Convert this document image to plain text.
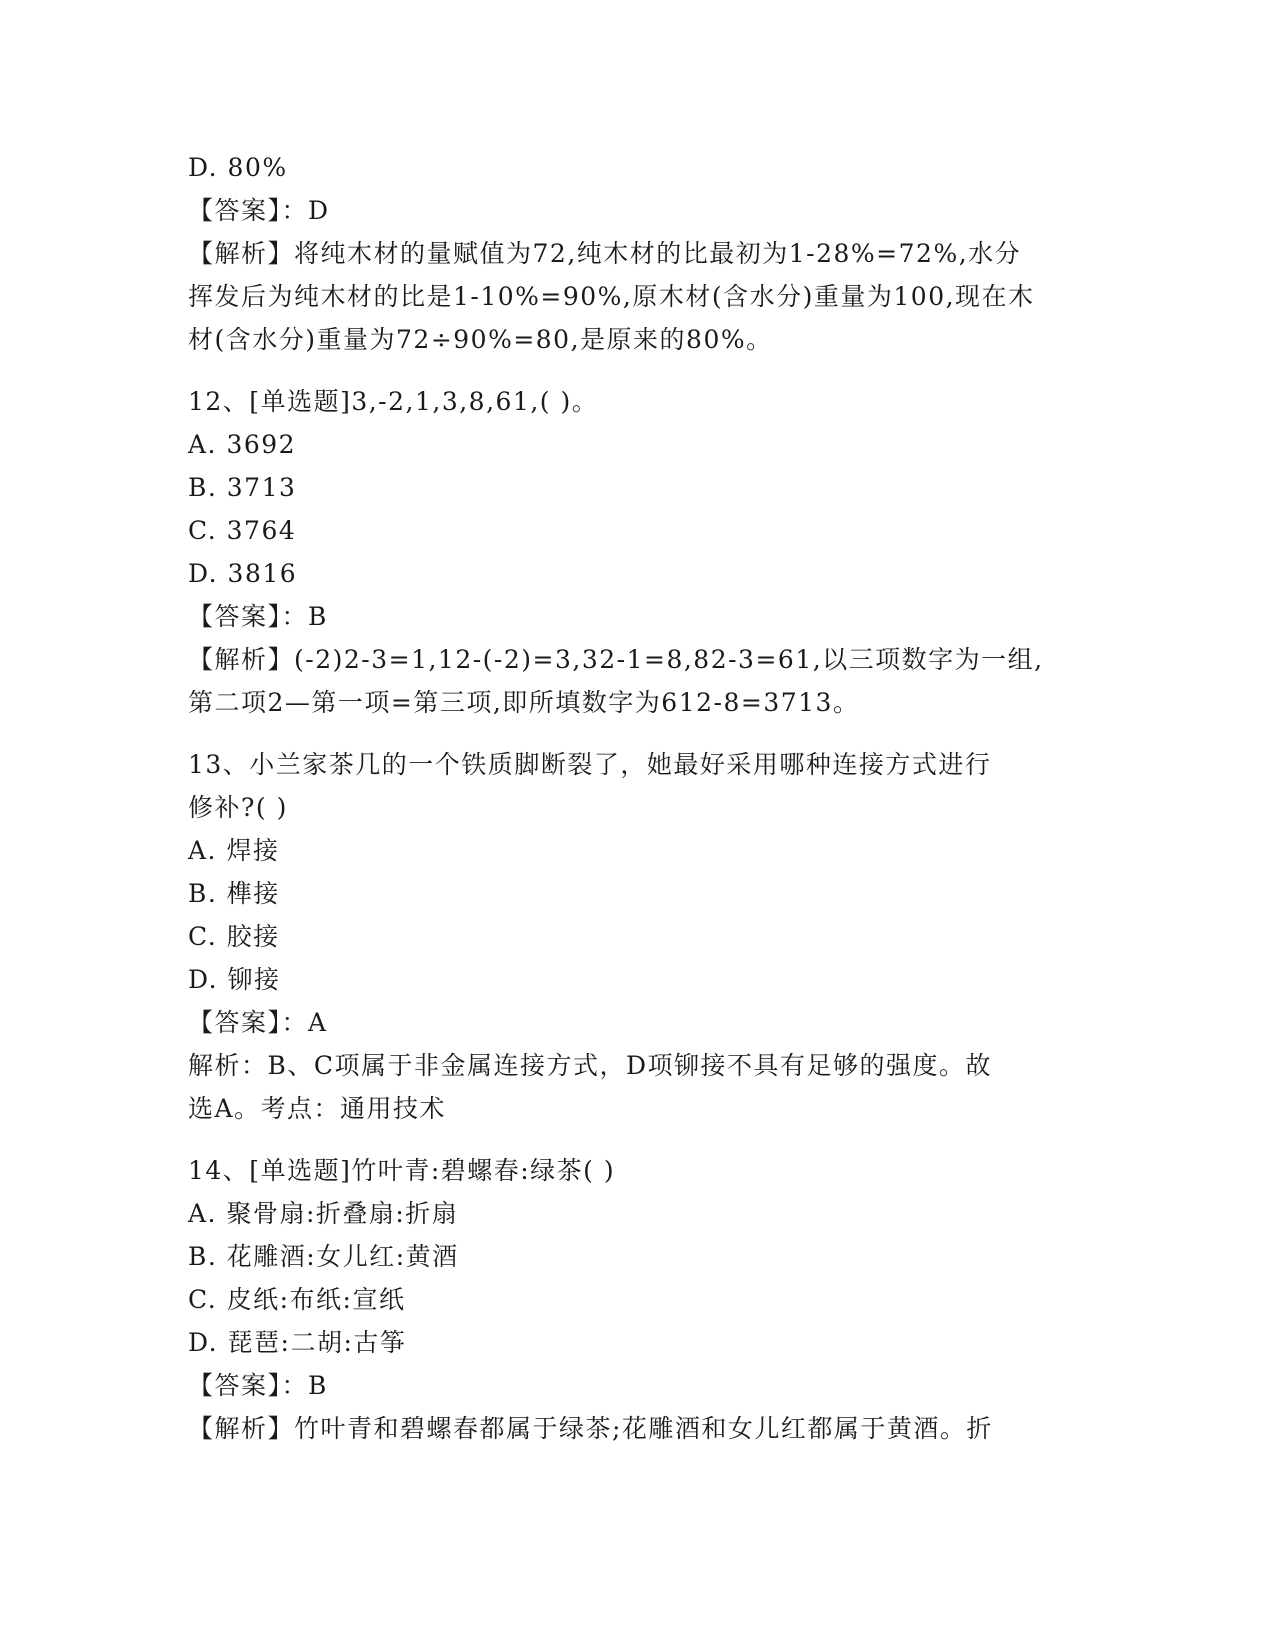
D. 80%
【答案】：D
【解析】将纯木材的量赋值为72,纯木材的比最初为1-28%=72%,水分
挥发后为纯木材的比是1-10%=90%,原木材(含水分)重量为100,现在木
材(含水分)重量为72÷90%=80,是原来的80%。
12、[单选题]3,-2,1,3,8,61,( )。
A. 3692
B. 3713
C. 3764
D. 3816
【答案】：B
【解析】(-2)2-3=1,12-(-2)=3,32-1=8,82-3=61,以三项数字为一组,
第二项2—第一项=第三项,即所填数字为612-8=3713。
13、小兰家茶几的一个铁质脚断裂了，她最好采用哪种连接方式进行
修补?( )
A. 焊接
B. 榫接
C. 胶接
D. 铆接
【答案】：A
解析：B、C项属于非金属连接方式，D项铆接不具有足够的强度。故
选A。考点：通用技术
14、[单选题]竹叶青:碧螺春:绿茶( )
A. 聚骨扇:折叠扇:折扇
B. 花雕酒:女儿红:黄酒
C. 皮纸:布纸:宣纸
D. 琵琶:二胡:古筝
【答案】：B
【解析】竹叶青和碧螺春都属于绿茶;花雕酒和女儿红都属于黄酒。折
